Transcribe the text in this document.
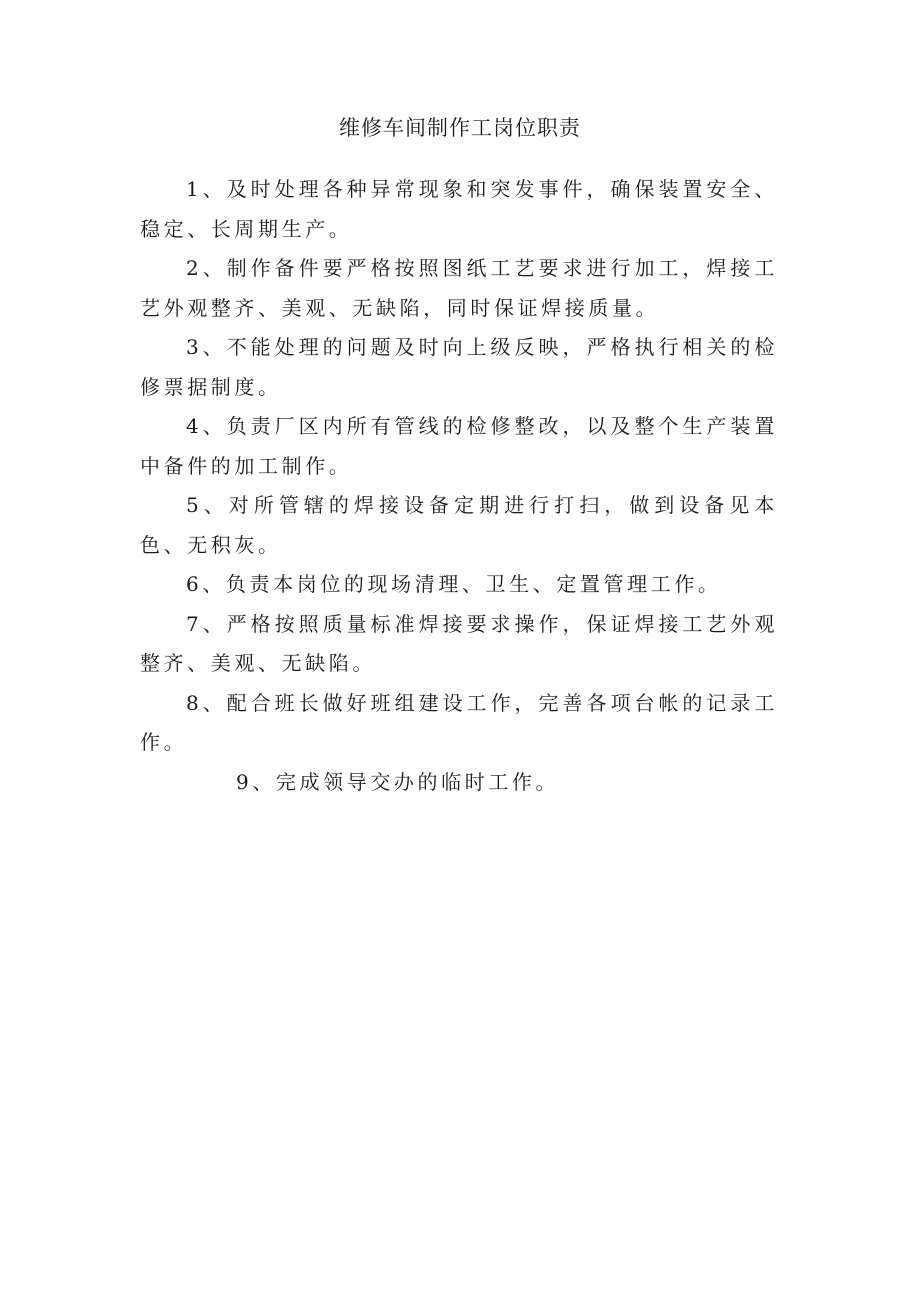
维修车间制作工岗位职责

1、及时处理各种异常现象和突发事件，确保装置安全、稳定、长周期生产。

2、制作备件要严格按照图纸工艺要求进行加工，焊接工艺外观整齐、美观、无缺陷，同时保证焊接质量。

3、不能处理的问题及时向上级反映，严格执行相关的检修票据制度。

4、负责厂区内所有管线的检修整改，以及整个生产装置中备件的加工制作。

5、对所管辖的焊接设备定期进行打扫，做到设备见本色、无积灰。

6、负责本岗位的现场清理、卫生、定置管理工作。

7、严格按照质量标准焊接要求操作，保证焊接工艺外观整齐、美观、无缺陷。

8、配合班长做好班组建设工作，完善各项台帐的记录工作。

9、完成领导交办的临时工作。
